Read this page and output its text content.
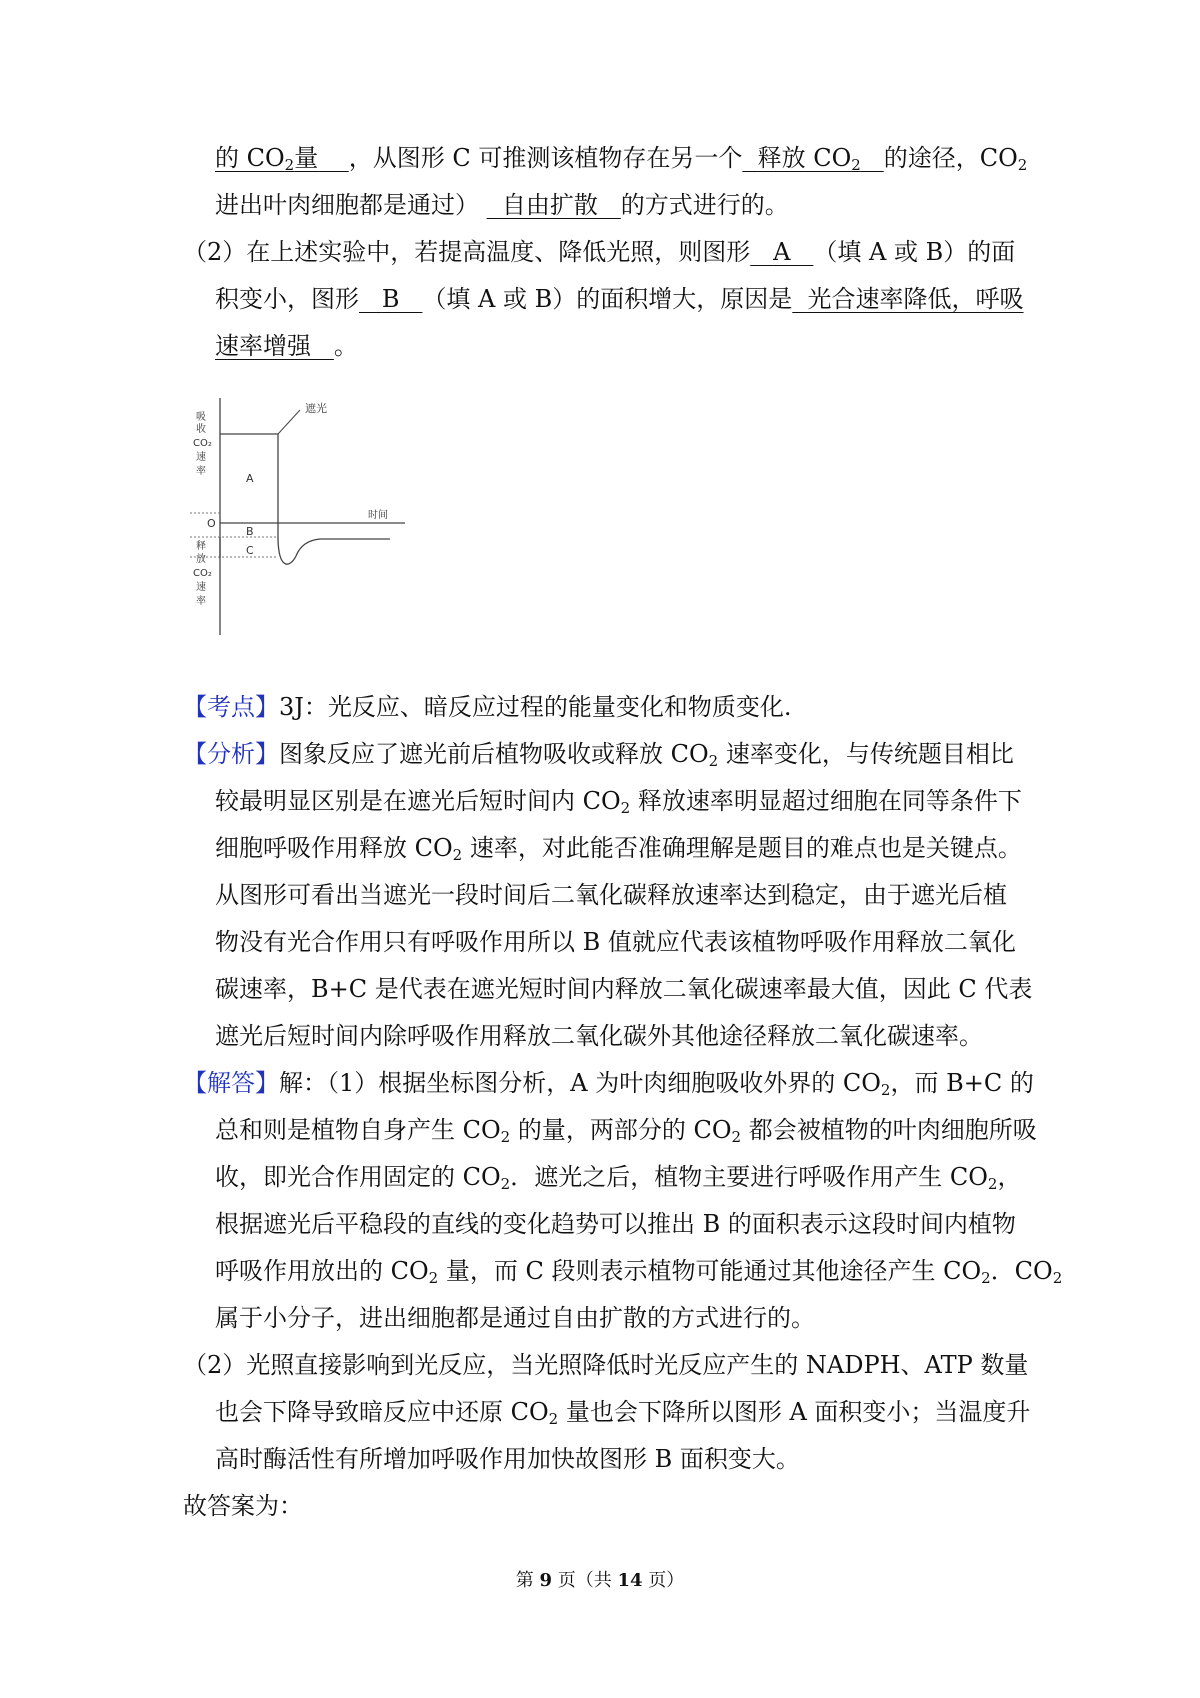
的 $CO_2$量 ，从图形 C 可推测该植物存在另一个 释放 $CO_2$ 的途径，$CO_2$
进出叶肉细胞都是通过） 自由扩散 的方式进行的。
（2）在上述实验中，若提高温度、降低光照，则图形 A （填 A 或 B）的面
积变小，图形 B （填 A 或 B）的面积增大，原因是 光合速率降低，呼吸
速率增强 。
遮光
吸
收
CO₂
速
率
O
释
放
CO₂
速
率
时间
A
B
C
【考点】3J：光反应、暗反应过程的能量变化和物质变化.
【分析】图象反应了遮光前后植物吸收或释放 $CO_2$ 速率变化，与传统题目相比
较最明显区别是在遮光后短时间内 $CO_2$ 释放速率明显超过细胞在同等条件下
细胞呼吸作用释放 $CO_2$ 速率，对此能否准确理解是题目的难点也是关键点。
从图形可看出当遮光一段时间后二氧化碳释放速率达到稳定，由于遮光后植
物没有光合作用只有呼吸作用所以 B 值就应代表该植物呼吸作用释放二氧化
碳速率，B+C 是代表在遮光短时间内释放二氧化碳速率最大值，因此 C 代表
遮光后短时间内除呼吸作用释放二氧化碳外其他途径释放二氧化碳速率。
【解答】解：（1）根据坐标图分析，A 为叶肉细胞吸收外界的 $CO_2$，而 B+C 的
总和则是植物自身产生 $CO_2$ 的量，两部分的 $CO_2$ 都会被植物的叶肉细胞所吸
收，即光合作用固定的 $CO_2$．遮光之后，植物主要进行呼吸作用产生 $CO_2$，
根据遮光后平稳段的直线的变化趋势可以推出 B 的面积表示这段时间内植物
呼吸作用放出的 $CO_2$ 量，而 C 段则表示植物可能通过其他途径产生 $CO_2$．$CO_2$
属于小分子，进出细胞都是通过自由扩散的方式进行的。
（2）光照直接影响到光反应，当光照降低时光反应产生的 NADPH、ATP 数量
也会下降导致暗反应中还原 $CO_2$ 量也会下降所以图形 A 面积变小；当温度升
高时酶活性有所增加呼吸作用加快故图形 B 面积变大。
故答案为：
第 9 页（共 14 页）
